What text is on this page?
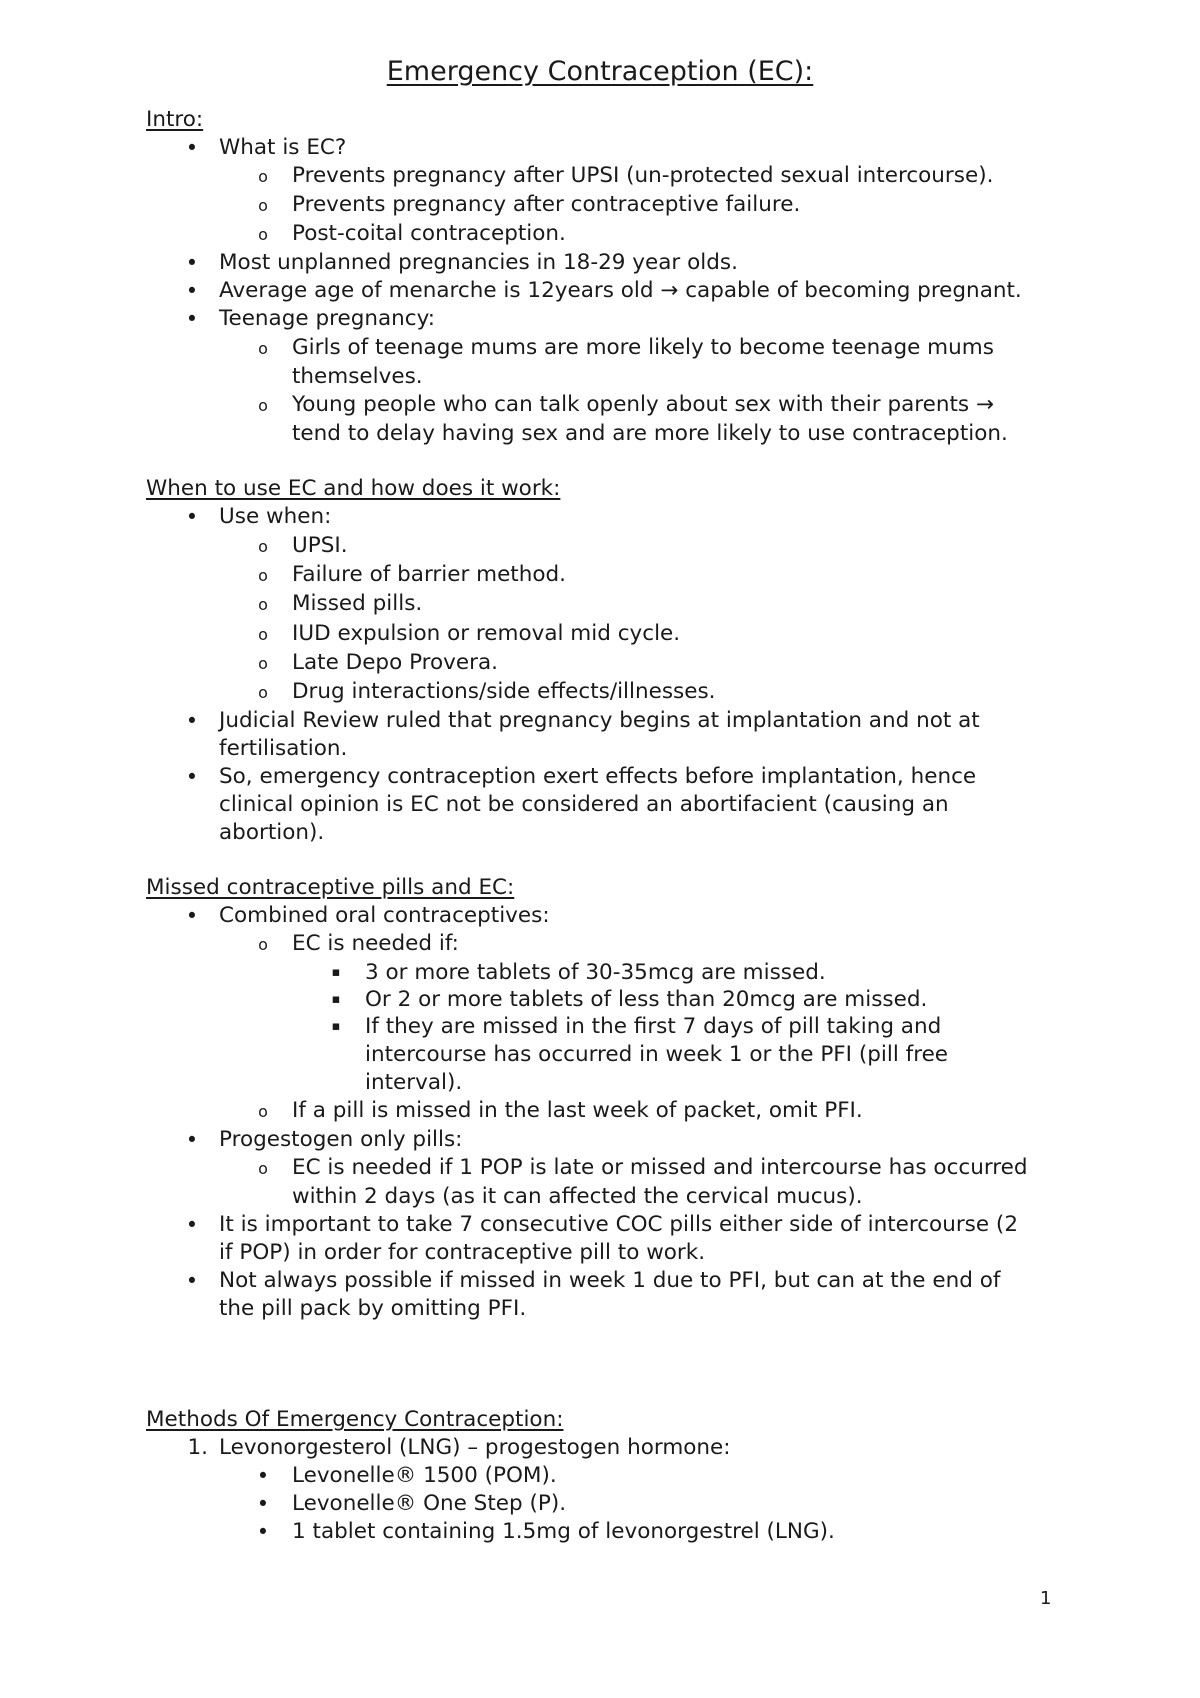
Emergency Contraception (EC):
Intro:
• What is EC?
o Prevents pregnancy after UPSI (un-protected sexual intercourse).
o Prevents pregnancy after contraceptive failure.
o Post-coital contraception.
• Most unplanned pregnancies in 18-29 year olds.
• Average age of menarche is 12years old → capable of becoming pregnant.
• Teenage pregnancy:
o Girls of teenage mums are more likely to become teenage mums
themselves.
o Young people who can talk openly about sex with their parents →
tend to delay having sex and are more likely to use contraception.
When to use EC and how does it work:
• Use when:
o UPSI.
o Failure of barrier method.
o Missed pills.
o IUD expulsion or removal mid cycle.
o Late Depo Provera.
o Drug interactions/side effects/illnesses.
• Judicial Review ruled that pregnancy begins at implantation and not at
fertilisation.
• So, emergency contraception exert effects before implantation, hence
clinical opinion is EC not be considered an abortifacient (causing an
abortion).
Missed contraceptive pills and EC:
• Combined oral contraceptives:
o EC is needed if:
▪ 3 or more tablets of 30-35mcg are missed.
▪ Or 2 or more tablets of less than 20mcg are missed.
▪ If they are missed in the first 7 days of pill taking and
intercourse has occurred in week 1 or the PFI (pill free
interval).
o If a pill is missed in the last week of packet, omit PFI.
• Progestogen only pills:
o EC is needed if 1 POP is late or missed and intercourse has occurred
within 2 days (as it can affected the cervical mucus).
• It is important to take 7 consecutive COC pills either side of intercourse (2
if POP) in order for contraceptive pill to work.
• Not always possible if missed in week 1 due to PFI, but can at the end of
the pill pack by omitting PFI.
Methods Of Emergency Contraception:
1. Levonorgesterol (LNG) – progestogen hormone:
• Levonelle® 1500 (POM).
• Levonelle® One Step (P).
• 1 tablet containing 1.5mg of levonorgestrel (LNG).
1
